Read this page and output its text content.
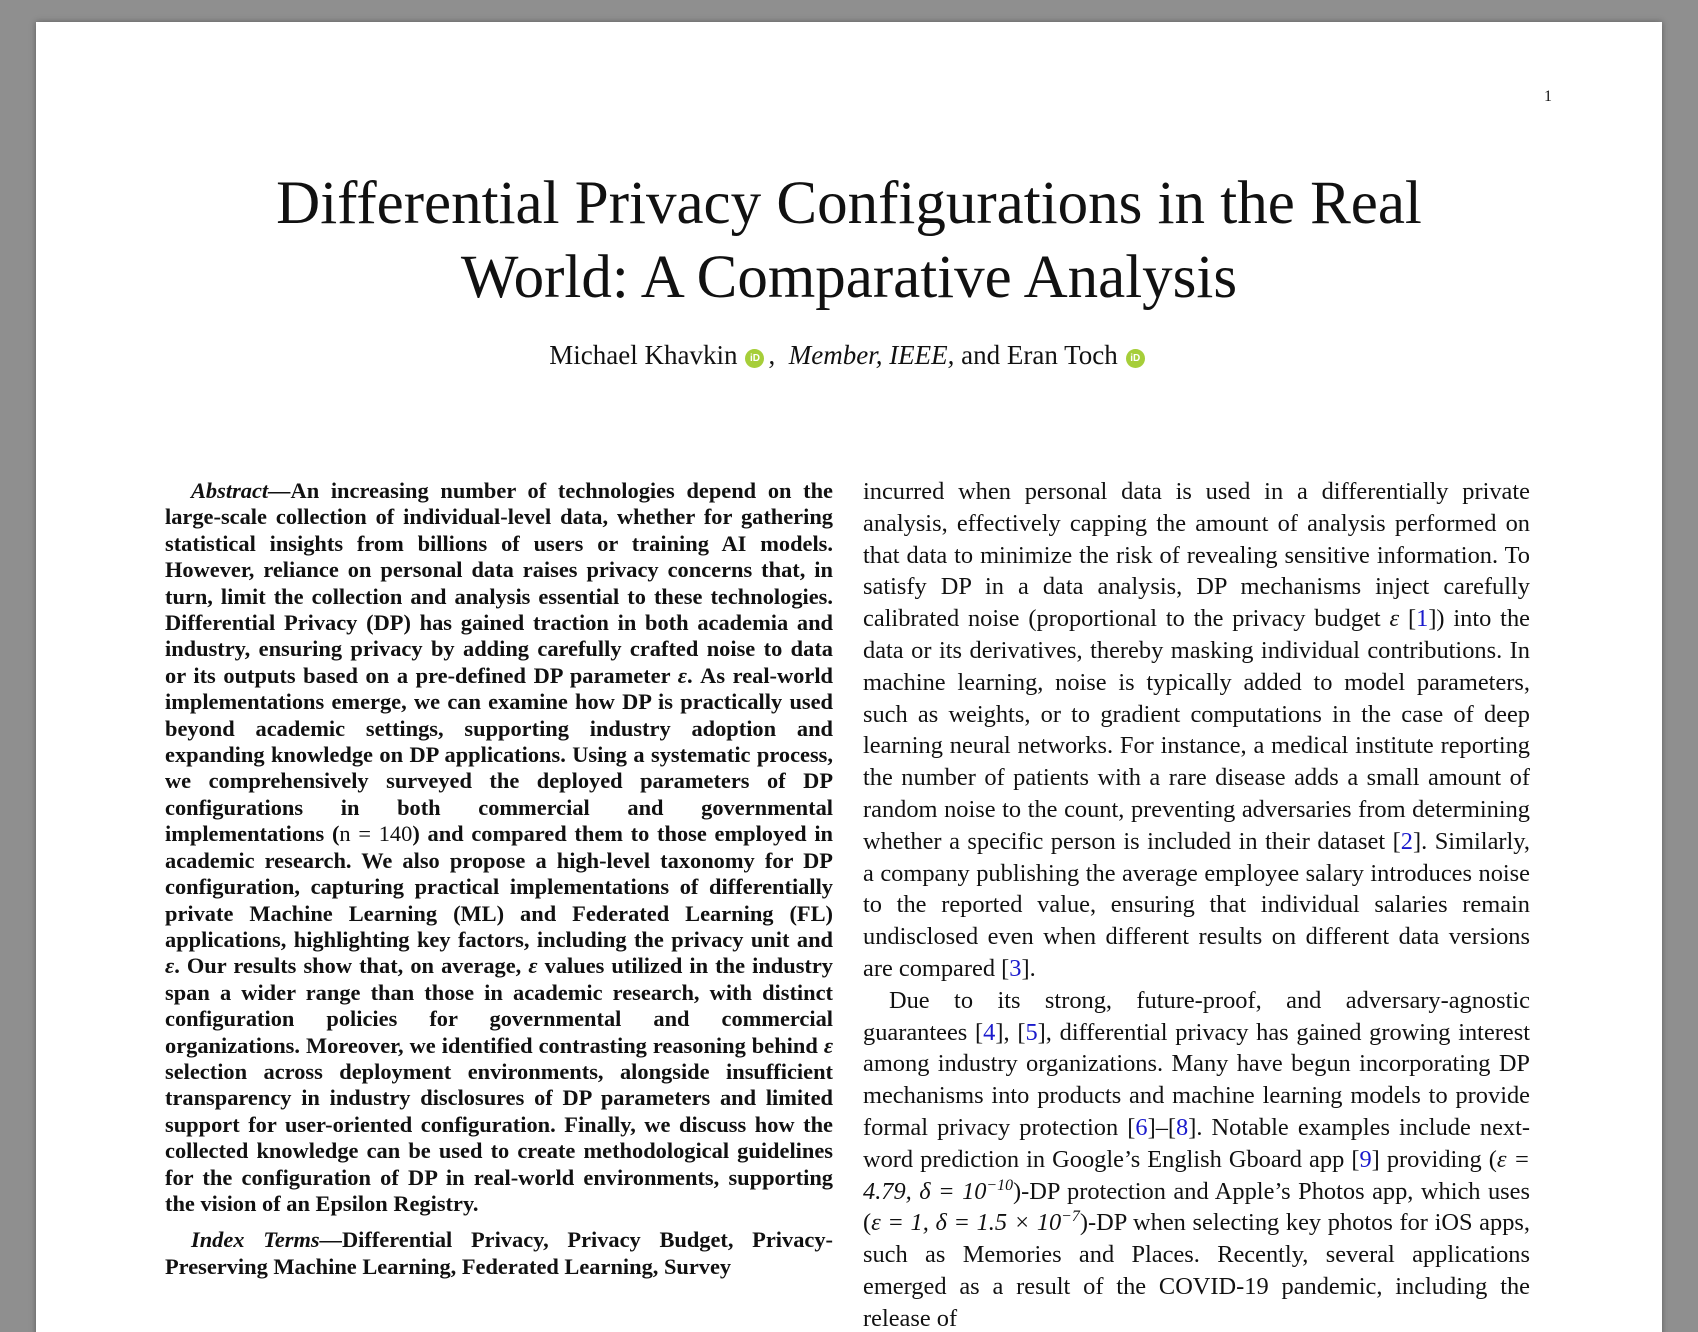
1
Differential Privacy Configurations in the Real
World: A Comparative Analysis
Michael Khavkin iD ,  Member, IEEE, and Eran Toch iD

Abstract—An increasing number of technologies depend on the large-scale collection of individual-level data, whether for gathering statistical insights from billions of users or training AI models. However, reliance on personal data raises privacy concerns that, in turn, limit the collection and analysis essential to these technologies. Differential Privacy (DP) has gained traction in both academia and industry, ensuring privacy by adding carefully crafted noise to data or its outputs based on a pre-defined DP parameter ε. As real-world implementations emerge, we can examine how DP is practically used beyond academic settings, supporting industry adoption and expanding knowledge on DP applications. Using a systematic process, we comprehensively surveyed the deployed parameters of DP configurations in both commercial and governmental implementations (n = 140) and compared them to those employed in academic research. We also propose a high-level taxonomy for DP configuration, capturing practical implementations of differentially private Machine Learning (ML) and Federated Learning (FL) applications, highlighting key factors, including the privacy unit and ε. Our results show that, on average, ε values utilized in the industry span a wider range than those in academic research, with distinct configuration policies for governmental and commercial organizations. Moreover, we identified contrasting reasoning behind ε selection across deployment environments, alongside insufficient transparency in industry disclosures of DP parameters and limited support for user-oriented configuration. Finally, we discuss how the collected knowledge can be used to create methodological guidelines for the configuration of DP in real-world environments, supporting the vision of an Epsilon Registry.

Index Terms—Differential Privacy, Privacy Budget, Privacy-Preserving Machine Learning, Federated Learning, Survey

incurred when personal data is used in a differentially private analysis, effectively capping the amount of analysis performed on that data to minimize the risk of revealing sensitive information. To satisfy DP in a data analysis, DP mechanisms inject carefully calibrated noise (proportional to the privacy budget ε [1]) into the data or its derivatives, thereby masking individual contributions. In machine learning, noise is typically added to model parameters, such as weights, or to gradient computations in the case of deep learning neural networks. For instance, a medical institute reporting the number of patients with a rare disease adds a small amount of random noise to the count, preventing adversaries from determining whether a specific person is included in their dataset [2]. Similarly, a company publishing the average employee salary introduces noise to the reported value, ensuring that individual salaries remain undisclosed even when different results on different data versions are compared [3].

Due to its strong, future-proof, and adversary-agnostic guarantees [4], [5], differential privacy has gained growing interest among industry organizations. Many have begun incorporating DP mechanisms into products and machine learning models to provide formal privacy protection [6]–[8]. Notable examples include next-word prediction in Google’s English Gboard app [9] providing (ε = 4.79, $\delta = 10^{-10})-DP$ protection and Apple’s Photos app, which uses (ε = 1, $\delta = 1.5 \times 10^{-7})-DP$ when selecting key photos for iOS apps, such as Memories and Places. Recently, several applications emerged as a result of the COVID-19 pandemic, including the release of
